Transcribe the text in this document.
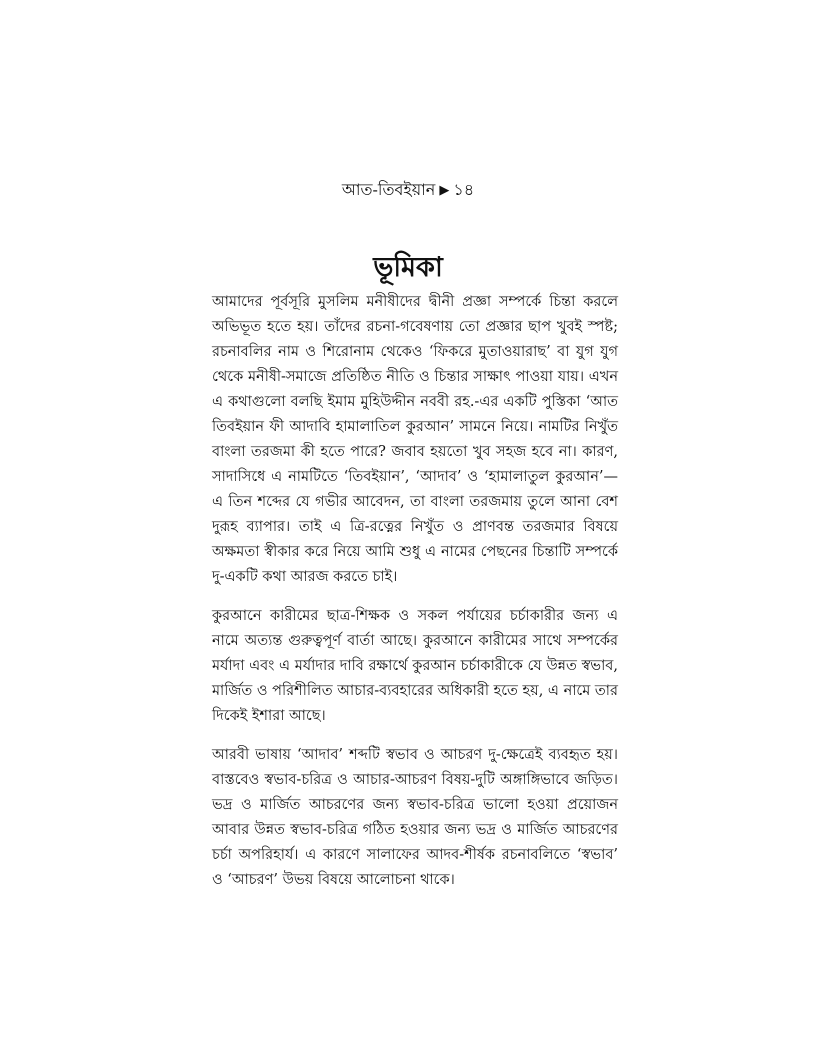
আত-তিবইয়ান ▶ ১৪
ভূমিকা

আমাদের পূর্বসূরি মুসলিম মনীষীদের দ্বীনী প্রজ্ঞা সম্পর্কে চিন্তা করলে অভিভূত হতে হয়। তাঁদের রচনা-গবেষণায় তো প্রজ্ঞার ছাপ খুবই স্পষ্ট; রচনাবলির নাম ও শিরোনাম থেকেও ‘ফিকরে মুতাওয়ারাছ’ বা যুগ যুগ থেকে মনীষী-সমাজে প্রতিষ্ঠিত নীতি ও চিন্তার সাক্ষাৎ পাওয়া যায়। এখন এ কথাগুলো বলছি ইমাম মুহিউদ্দীন নববী রহ.-এর একটি পুস্তিকা ‘আত তিবইয়ান ফী আদাবি হামালাতিল কুরআন’ সামনে নিয়ে। নামটির নিখুঁত বাংলা তরজমা কী হতে পারে? জবাব হয়তো খুব সহজ হবে না। কারণ, সাদাসিধে এ নামটিতে ‘তিবইয়ান’, ‘আদাব’ ও ‘হামালাতুল কুরআন’—এ তিন শব্দের যে গভীর আবেদন, তা বাংলা তরজমায় তুলে আনা বেশ দুরূহ ব্যাপার। তাই এ ত্রি-রত্নের নিখুঁত ও প্রাণবন্ত তরজমার বিষয়ে অক্ষমতা স্বীকার করে নিয়ে আমি শুধু এ নামের পেছনের চিন্তাটি সম্পর্কে দু-একটি কথা আরজ করতে চাই।

কুরআনে কারীমের ছাত্র-শিক্ষক ও সকল পর্যায়ের চর্চাকারীর জন্য এ নামে অত্যন্ত গুরুত্বপূর্ণ বার্তা আছে। কুরআনে কারীমের সাথে সম্পর্কের মর্যাদা এবং এ মর্যাদার দাবি রক্ষার্থে কুরআন চর্চাকারীকে যে উন্নত স্বভাব, মার্জিত ও পরিশীলিত আচার-ব্যবহারের অধিকারী হতে হয়, এ নামে তার দিকেই ইশারা আছে।

আরবী ভাষায় ‘আদাব’ শব্দটি স্বভাব ও আচরণ দু-ক্ষেত্রেই ব্যবহৃত হয়। বাস্তবেও স্বভাব-চরিত্র ও আচার-আচরণ বিষয়-দুটি অঙ্গাঙ্গিভাবে জড়িত। ভদ্র ও মার্জিত আচরণের জন্য স্বভাব-চরিত্র ভালো হওয়া প্রয়োজন আবার উন্নত স্বভাব-চরিত্র গঠিত হওয়ার জন্য ভদ্র ও মার্জিত আচরণের চর্চা অপরিহার্য। এ কারণে সালাফের আদব-শীর্ষক রচনাবলিতে ‘স্বভাব’ ও ‘আচরণ’ উভয় বিষয়ে আলোচনা থাকে।
